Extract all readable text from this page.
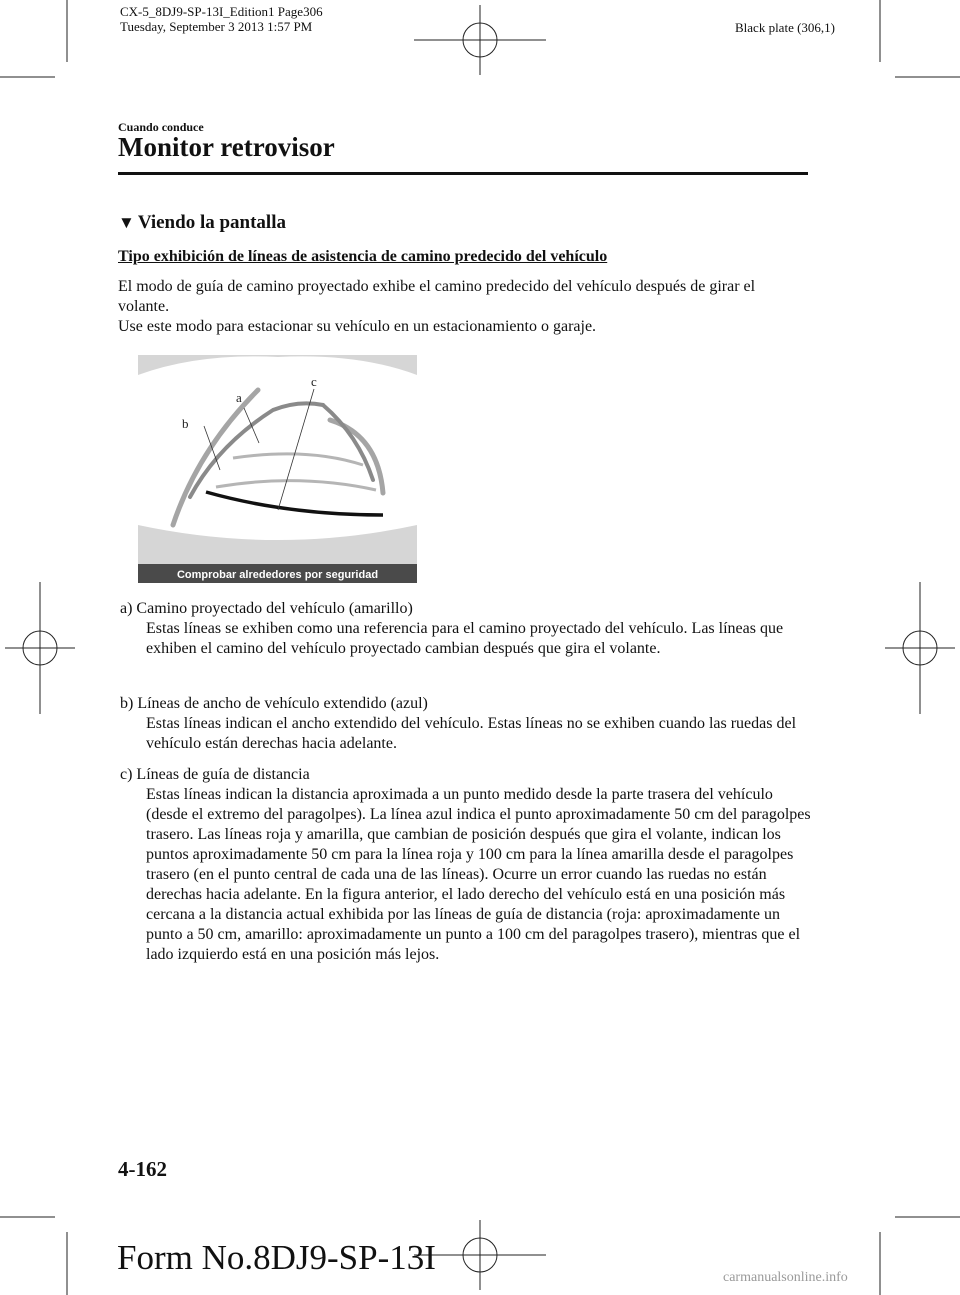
CX-5_8DJ9-SP-13I_Edition1 Page306
Tuesday, September 3 2013 1:57 PM	Black plate (306,1)
Cuando conduce
Monitor retrovisor
▼ Viendo la pantalla
Tipo exhibición de líneas de asistencia de camino predecido del vehículo
El modo de guía de camino proyectado exhibe el camino predecido del vehículo después de girar el volante.
Use este modo para estacionar su vehículo en un estacionamiento o garaje.
b
a
c
Comprobar alrededores por seguridad
a) Camino proyectado del vehículo (amarillo)
Estas líneas se exhiben como una referencia para el camino proyectado del vehículo. Las líneas que exhiben el camino del vehículo proyectado cambian después que gira el volante.
b) Líneas de ancho de vehículo extendido (azul)
Estas líneas indican el ancho extendido del vehículo. Estas líneas no se exhiben cuando las ruedas del vehículo están derechas hacia adelante.
c) Líneas de guía de distancia
Estas líneas indican la distancia aproximada a un punto medido desde la parte trasera del vehículo (desde el extremo del paragolpes). La línea azul indica el punto aproximadamente 50 cm del paragolpes trasero. Las líneas roja y amarilla, que cambian de posición después que gira el volante, indican los puntos aproximadamente 50 cm para la línea roja y 100 cm para la línea amarilla desde el paragolpes trasero (en el punto central de cada una de las líneas). Ocurre un error cuando las ruedas no están derechas hacia adelante. En la figura anterior, el lado derecho del vehículo está en una posición más cercana a la distancia actual exhibida por las líneas de guía de distancia (roja: aproximadamente un punto a 50 cm, amarillo: aproximadamente un punto a 100 cm del paragolpes trasero), mientras que el lado izquierdo está en una posición más lejos.
4-162
Form No.8DJ9-SP-13I
carmanualsonline.info
